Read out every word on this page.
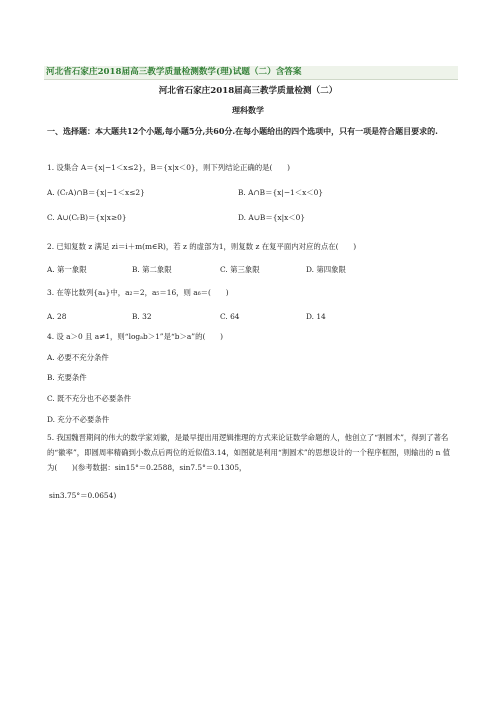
河北省石家庄2018届高三教学质量检测数学(理)试题（二）含答案
河北省石家庄2018届高三教学质量检测（二）
理科数学
一、选择题：本大题共12个小题,每小题5分,共60分.在每小题给出的四个选项中，只有一项是符合题目要求的.
1. 设集合 A＝{x|−1＜x≤2}，B＝{x|x＜0}，则下列结论正确的是(　　)
A. (CᵣA)∩B＝{x|−1＜x≤2}	B. A∩B＝{x|−1＜x＜0}
C. A∪(CᵣB)＝{x|x≥0}	D. A∪B＝{x|x＜0}
2. 已知复数 z 满足 zi＝i＋m(m∈R)，若 z 的虚部为1，则复数 z 在复平面内对应的点在(　　)
A. 第一象限	B. 第二象限	C. 第三象限	D. 第四象限
3. 在等比数列{aₙ}中，a₂＝2，a₅＝16，则 a₆＝(　　)
A. 28	B. 32	C. 64	D. 14
4. 设 a＞0 且 a≠1，则“logₐb＞1”是“b＞a”的(　　)
A. 必要不充分条件
B. 充要条件
C. 既不充分也不必要条件
D. 充分不必要条件
5. 我国魏晋期间的伟大的数学家刘徽，是最早提出用逻辑推理的方式来论证数学命题的人，他创立了“割圆术”，得到了著名的“徽率”，即圆周率精确到小数点后两位的近似值3.14，如图就是利用“割圆术”的思想设计的一个程序框图，则输出的 n 值为(　　)(参考数据：sin15°＝0.2588，sin7.5°＝0.1305，
sin3.75°＝0.0654)
